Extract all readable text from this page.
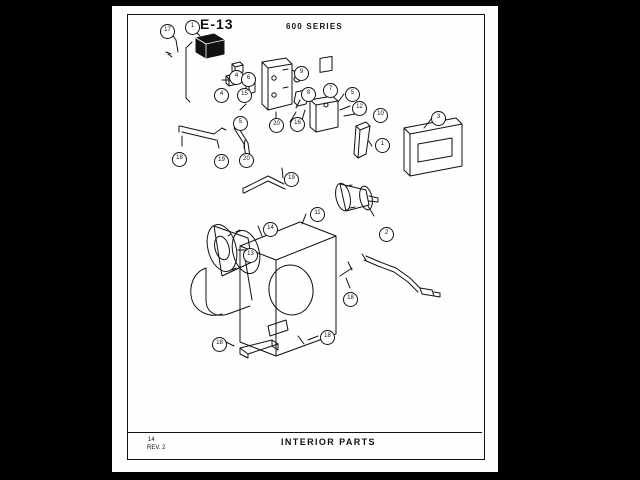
E-13	600 SERIES
INTERIOR PARTS
14
REV. 2
17
1
4	6
9
7
5
4	15	8
12
10	3
5	20	16
1
18	19	20
19
2
14
11
13
18
18
18
